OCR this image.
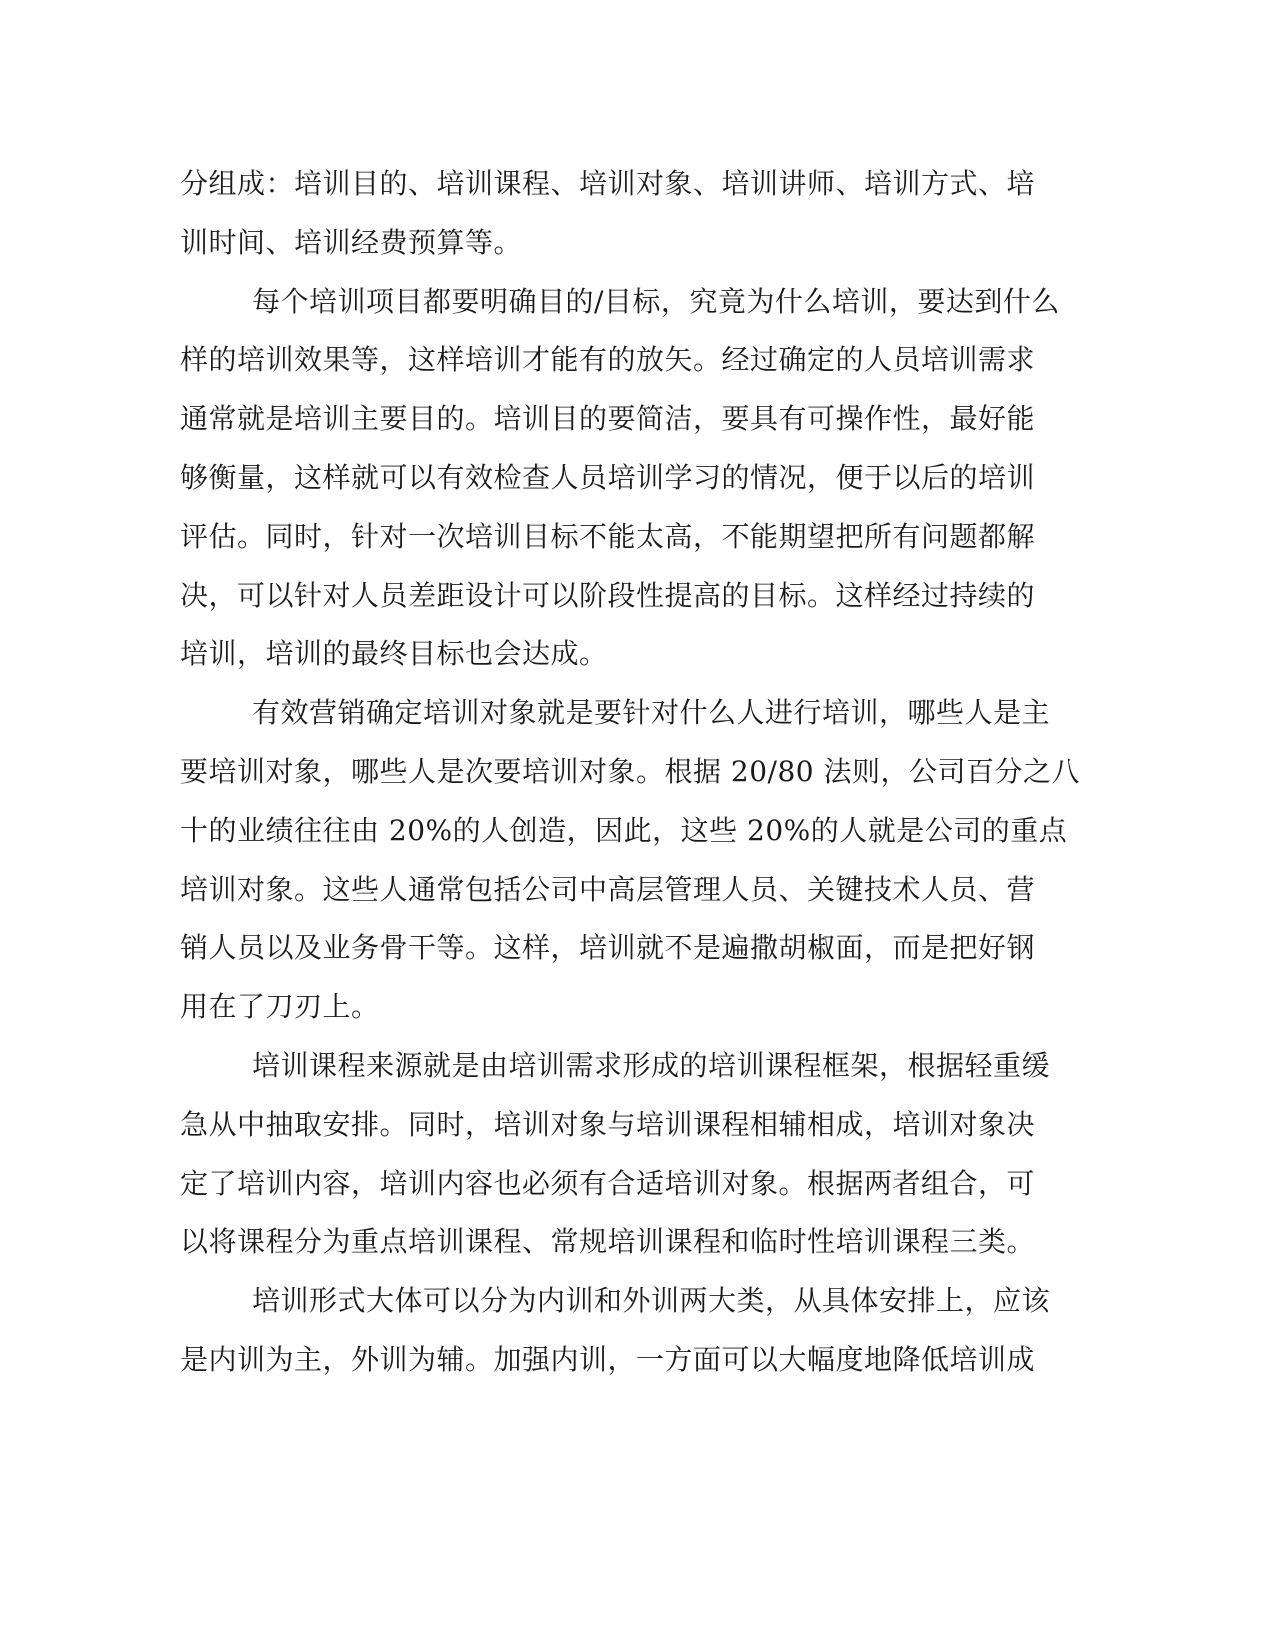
分组成：培训目的、培训课程、培训对象、培训讲师、培训方式、培
训时间、培训经费预算等。
每个培训项目都要明确目的/目标，究竟为什么培训，要达到什么
样的培训效果等，这样培训才能有的放矢。经过确定的人员培训需求
通常就是培训主要目的。培训目的要简洁，要具有可操作性，最好能
够衡量，这样就可以有效检查人员培训学习的情况，便于以后的培训
评估。同时，针对一次培训目标不能太高，不能期望把所有问题都解
决，可以针对人员差距设计可以阶段性提高的目标。这样经过持续的
培训，培训的最终目标也会达成。
有效营销确定培训对象就是要针对什么人进行培训，哪些人是主
要培训对象，哪些人是次要培训对象。根据 20/80 法则，公司百分之八
十的业绩往往由 20%的人创造，因此，这些 20%的人就是公司的重点
培训对象。这些人通常包括公司中高层管理人员、关键技术人员、营
销人员以及业务骨干等。这样，培训就不是遍撒胡椒面，而是把好钢
用在了刀刃上。
培训课程来源就是由培训需求形成的培训课程框架，根据轻重缓
急从中抽取安排。同时，培训对象与培训课程相辅相成，培训对象决
定了培训内容，培训内容也必须有合适培训对象。根据两者组合，可
以将课程分为重点培训课程、常规培训课程和临时性培训课程三类。
培训形式大体可以分为内训和外训两大类，从具体安排上，应该
是内训为主，外训为辅。加强内训，一方面可以大幅度地降低培训成
